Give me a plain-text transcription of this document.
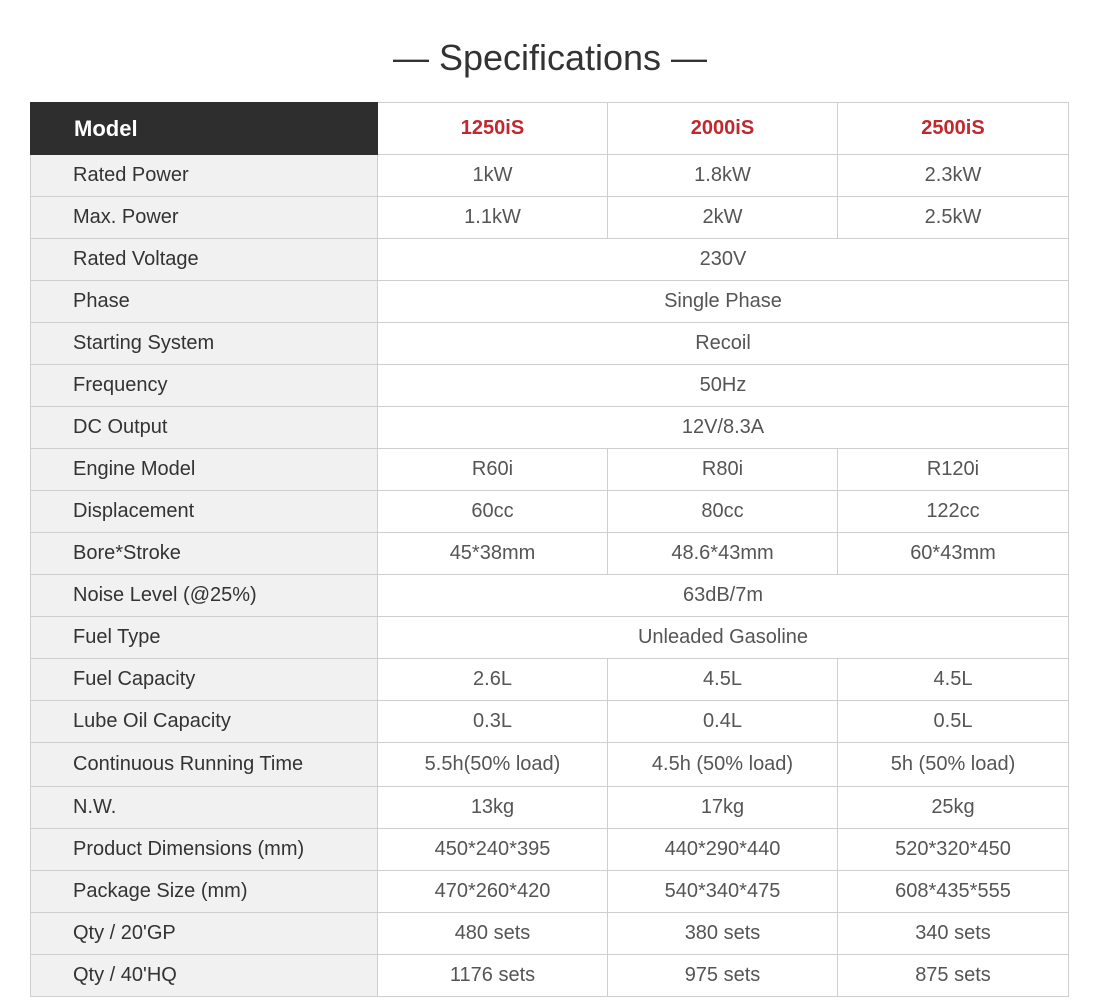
— Specifications —
Model	1250iS	2000iS	2500iS
Rated Power	1kW	1.8kW	2.3kW
Max. Power	1.1kW	2kW	2.5kW
Rated Voltage	230V		
Phase	Single Phase		
Starting System	Recoil		
Frequency	50Hz		
DC Output	12V/8.3A		
Engine Model	R60i	R80i	R120i
Displacement	60cc	80cc	122cc
Bore*Stroke	45*38mm	48.6*43mm	60*43mm
Noise Level (@25%)	63dB/7m		
Fuel Type	Unleaded Gasoline		
Fuel Capacity	2.6L	4.5L	4.5L
Lube Oil Capacity	0.3L	0.4L	0.5L
Continuous Running Time	5.5h(50% load)	4.5h (50% load)	5h (50% load)
N.W.	13kg	17kg	25kg
Product Dimensions (mm)	450*240*395	440*290*440	520*320*450
Package Size (mm)	470*260*420	540*340*475	608*435*555
Qty / 20'GP	480 sets	380 sets	340 sets
Qty / 40'HQ	1176 sets	975 sets	875 sets
